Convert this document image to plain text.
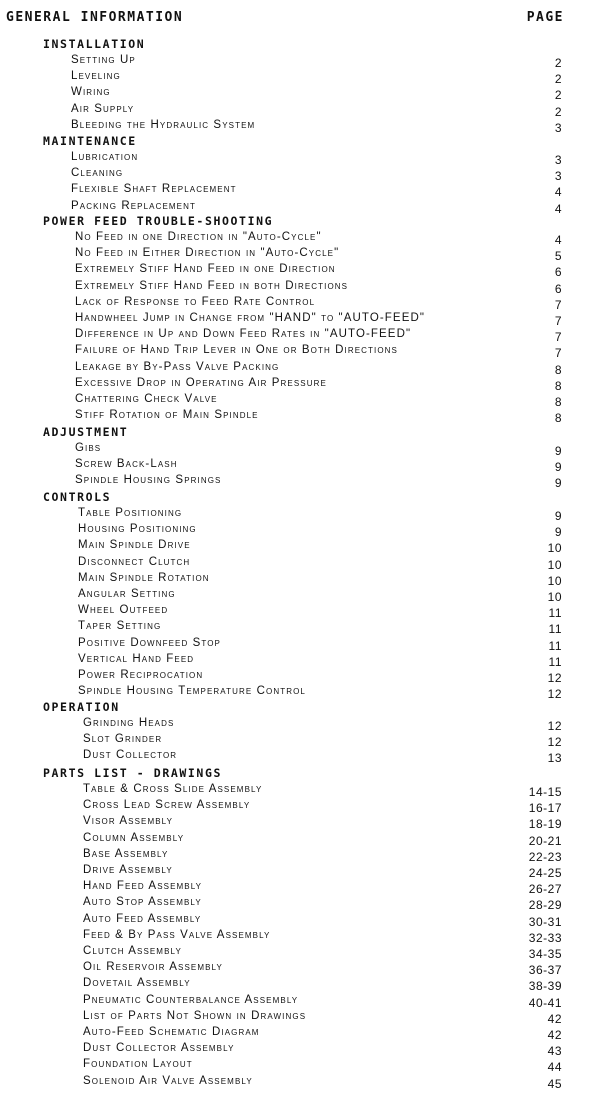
GENERAL INFORMATION	PAGE
INSTALLATION
Setting Up	2
Leveling	2
Wiring	2
Air Supply	2
Bleeding the Hydraulic System	3
MAINTENANCE
Lubrication	3
Cleaning	3
Flexible Shaft Replacement	4
Packing Replacement	4
POWER FEED TROUBLE-SHOOTING
No Feed in one Direction in "Auto-Cycle"	4
No Feed in Either Direction in "Auto-Cycle"	5
Extremely Stiff Hand Feed in one Direction	6
Extremely Stiff Hand Feed in both Directions	6
Lack of Response to Feed Rate Control	7
Handwheel Jump in Change from "HAND" to "AUTO-FEED"	7
Difference in Up and Down Feed Rates in "AUTO-FEED"	7
Failure of Hand Trip Lever in One or Both Directions	7
Leakage by By-Pass Valve Packing	8
Excessive Drop in Operating Air Pressure	8
Chattering Check Valve	8
Stiff Rotation of Main Spindle	8
ADJUSTMENT
Gibs	9
Screw Back-Lash	9
Spindle Housing Springs	9
CONTROLS
Table Positioning	9
Housing Positioning	9
Main Spindle Drive	10
Disconnect Clutch	10
Main Spindle Rotation	10
Angular Setting	10
Wheel Outfeed	11
Taper Setting	11
Positive Downfeed Stop	11
Vertical Hand Feed	11
Power Reciprocation	12
Spindle Housing Temperature Control	12
OPERATION
Grinding Heads	12
Slot Grinder	12
Dust Collector	13
PARTS LIST - DRAWINGS
Table & Cross Slide Assembly	14-15
Cross Lead Screw Assembly	16-17
Visor Assembly	18-19
Column Assembly	20-21
Base Assembly	22-23
Drive Assembly	24-25
Hand Feed Assembly	26-27
Auto Stop Assembly	28-29
Auto Feed Assembly	30-31
Feed & By Pass Valve Assembly	32-33
Clutch Assembly	34-35
Oil Reservoir Assembly	36-37
Dovetail Assembly	38-39
Pneumatic Counterbalance Assembly	40-41
List of Parts Not Shown in Drawings	42
Auto-Feed Schematic Diagram	42
Dust Collector Assembly	43
Foundation Layout	44
Solenoid Air Valve Assembly	45
